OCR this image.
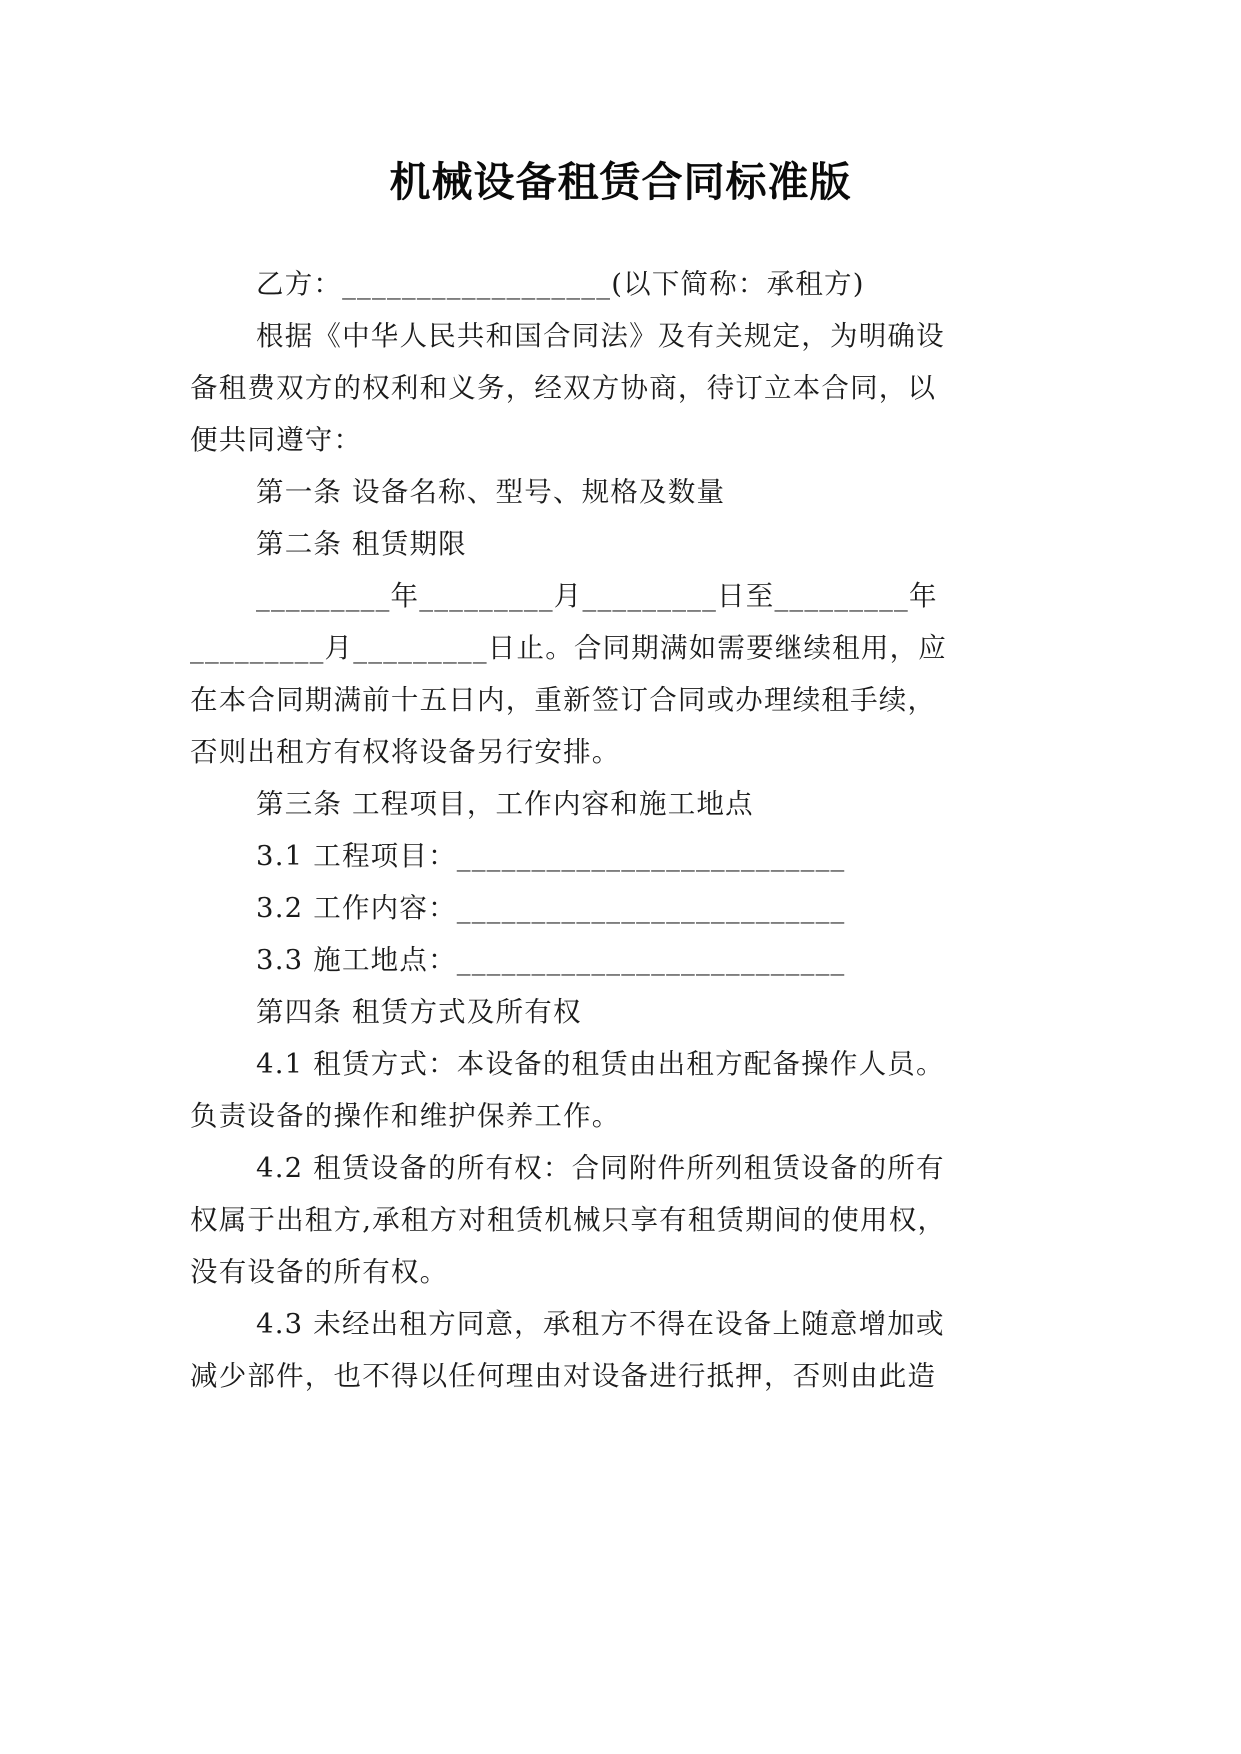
机械设备租赁合同标准版
乙方：__________________(以下简称：承租方)
根据《中华人民共和国合同法》及有关规定，为明确设
备租费双方的权利和义务，经双方协商，待订立本合同，以
便共同遵守：
第一条 设备名称、型号、规格及数量
第二条 租赁期限
_________年_________月_________日至_________年
_________月_________日止。合同期满如需要继续租用，应
在本合同期满前十五日内，重新签订合同或办理续租手续，
否则出租方有权将设备另行安排。
第三条 工程项目，工作内容和施工地点
3.1 工程项目：__________________________
3.2 工作内容：__________________________
3.3 施工地点：__________________________
第四条 租赁方式及所有权
4.1 租赁方式：本设备的租赁由出租方配备操作人员。
负责设备的操作和维护保养工作。
4.2 租赁设备的所有权：合同附件所列租赁设备的所有
权属于出租方,承租方对租赁机械只享有租赁期间的使用权，
没有设备的所有权。
4.3 未经出租方同意，承租方不得在设备上随意增加或
减少部件，也不得以任何理由对设备进行抵押，否则由此造
